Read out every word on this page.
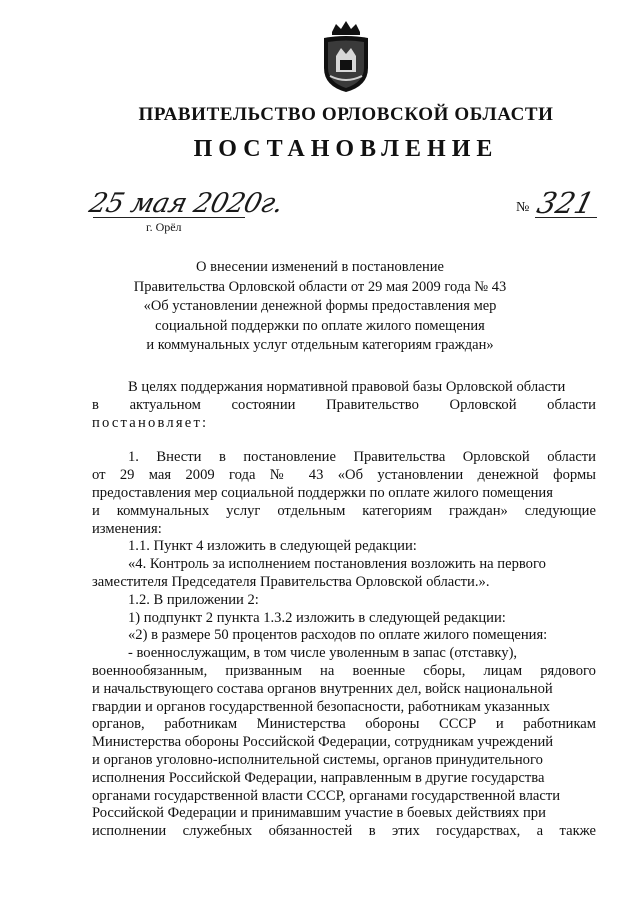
ПРАВИТЕЛЬСТВО ОРЛОВСКОЙ ОБЛАСТИ
ПОСТАНОВЛЕНИЕ
25 мая 2020г.
г. Орёл
№ 321
О внесении изменений в постановление
Правительства Орловской области от 29 мая 2009 года № 43
«Об установлении денежной формы предоставления мер
социальной поддержки по оплате жилого помещения
и коммунальных услуг отдельным категориям граждан»
В целях поддержания нормативной правовой базы Орловской области
в актуальном состоянии Правительство Орловской области
постановляет:
1. Внести в постановление Правительства Орловской области
от 29 мая 2009 года № 43 «Об установлении денежной формы
предоставления мер социальной поддержки по оплате жилого помещения
и коммунальных услуг отдельным категориям граждан» следующие
изменения:
1.1. Пункт 4 изложить в следующей редакции:
«4. Контроль за исполнением постановления возложить на первого
заместителя Председателя Правительства Орловской области.».
1.2. В приложении 2:
1) подпункт 2 пункта 1.3.2 изложить в следующей редакции:
«2) в размере 50 процентов расходов по оплате жилого помещения:
- военнослужащим, в том числе уволенным в запас (отставку),
военнообязанным, призванным на военные сборы, лицам рядового
и начальствующего состава органов внутренних дел, войск национальной
гвардии и органов государственной безопасности, работникам указанных
органов, работникам Министерства обороны СССР и работникам
Министерства обороны Российской Федерации, сотрудникам учреждений
и органов уголовно-исполнительной системы, органов принудительного
исполнения Российской Федерации, направленным в другие государства
органами государственной власти СССР, органами государственной власти
Российской Федерации и принимавшим участие в боевых действиях при
исполнении служебных обязанностей в этих государствах, а также
